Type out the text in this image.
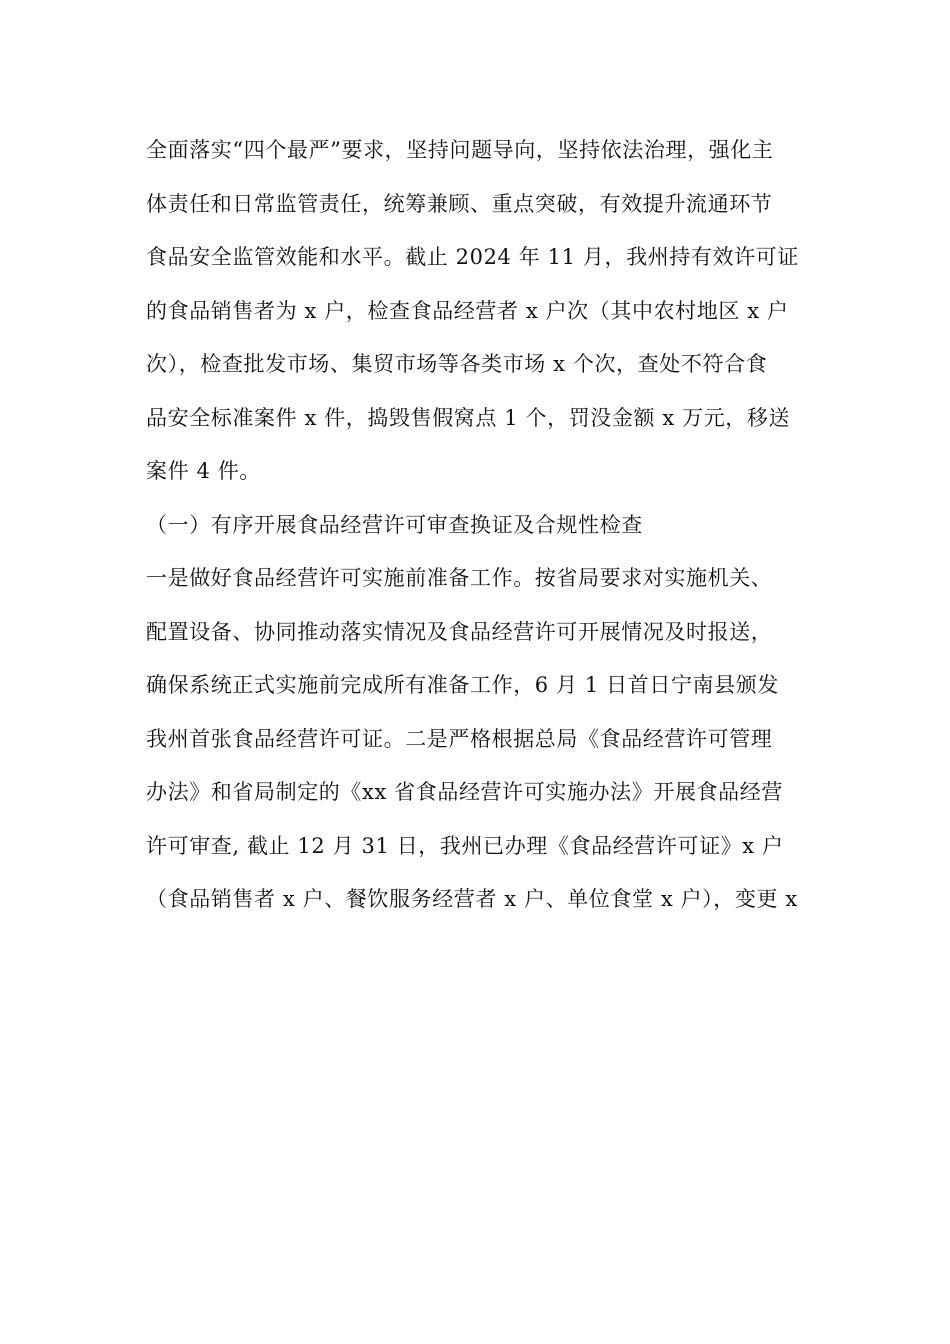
全面落实“四个最严”要求，坚持问题导向，坚持依法治理，强化主
体责任和日常监管责任，统筹兼顾、重点突破，有效提升流通环节
食品安全监管效能和水平。截止 2024 年 11 月，我州持有效许可证
的食品销售者为 x 户，检查食品经营者 x 户次（其中农村地区 x 户
次），检查批发市场、集贸市场等各类市场 x 个次，查处不符合食
品安全标准案件 x 件，捣毁售假窝点 1 个，罚没金额 x 万元，移送
案件 4 件。
（一）有序开展食品经营许可审查换证及合规性检查
一是做好食品经营许可实施前准备工作。按省局要求对实施机关、
配置设备、协同推动落实情况及食品经营许可开展情况及时报送，
确保系统正式实施前完成所有准备工作，6 月 1 日首日宁南县颁发
我州首张食品经营许可证。二是严格根据总局《食品经营许可管理
办法》和省局制定的《xx 省食品经营许可实施办法》开展食品经营
许可审查, 截止 12 月 31 日，我州已办理《食品经营许可证》x 户
（食品销售者 x 户、餐饮服务经营者 x 户、单位食堂 x 户），变更 x
